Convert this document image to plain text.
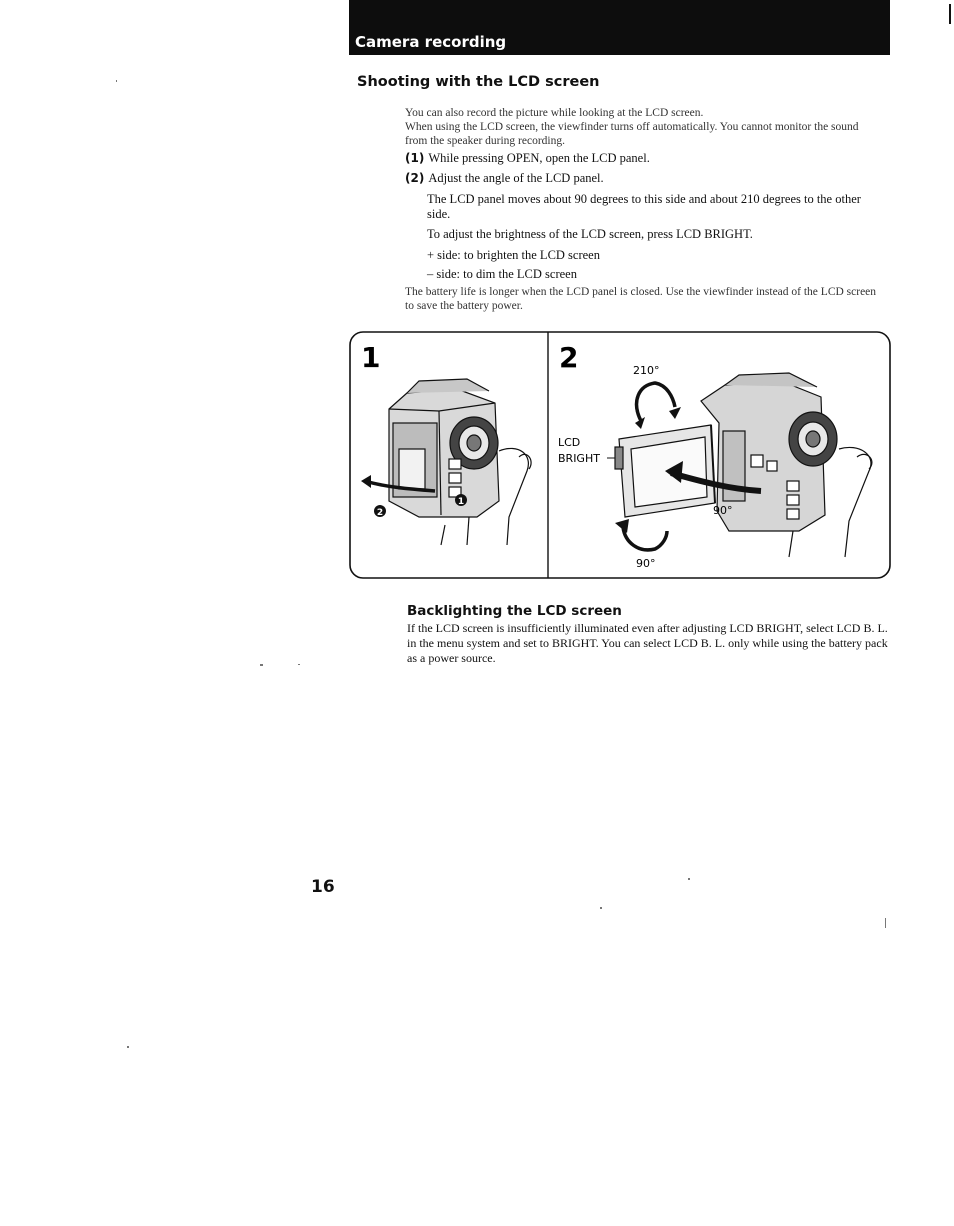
Camera recording
Shooting with the LCD screen

You can also record the picture while looking at the LCD screen.

When using the LCD screen, the viewfinder turns off automatically. You cannot monitor the sound from the speaker during recording.

(1) While pressing OPEN, open the LCD panel.
(2) Adjust the angle of the LCD panel.

The LCD panel moves about 90 degrees to this side and about 210 degrees to the other side.

To adjust the brightness of the LCD screen, press LCD BRIGHT.

+ side: to brighten the LCD screen

– side: to dim the LCD screen

The battery life is longer when the LCD panel is closed. Use the viewfinder instead of the LCD screen to save the battery power.

1	2
2
1
210°
LCD
BRIGHT
90°
90°
Backlighting the LCD screen

If the LCD screen is insufficiently illuminated even after adjusting LCD BRIGHT, select LCD B. L. in the menu system and set to BRIGHT. You can select LCD B. L. only while using the battery pack as a power source.

16
